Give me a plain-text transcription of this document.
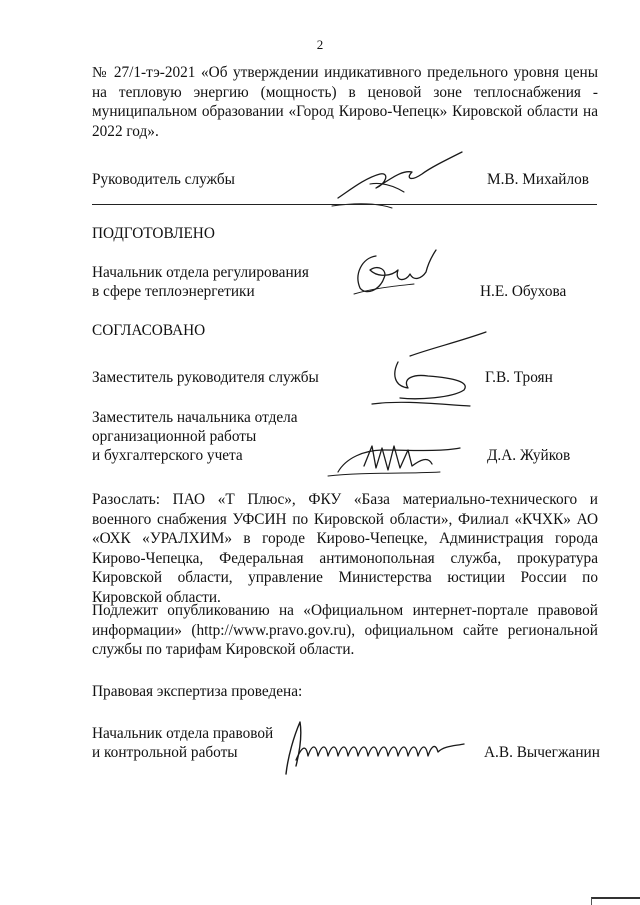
2
№ 27/1-тэ-2021 «Об утверждении индикативного предельного уровня цены на тепловую энергию (мощность) в ценовой зоне теплоснабжения - муниципальном образовании «Город Кирово-Чепецк» Кировской области на 2022 год».
Руководитель службы	М.В. Михайлов
ПОДГОТОВЛЕНО
Начальник отдела регулирования
в сфере теплоэнергетики	Н.Е. Обухова
СОГЛАСОВАНО
Заместитель руководителя службы	Г.В. Троян
Заместитель начальника отдела
организационной работы
и бухгалтерского учета	Д.А. Жуйков
Разослать: ПАО «Т Плюс», ФКУ «База материально-технического и военного снабжения УФСИН по Кировской области», Филиал «КЧХК» АО «ОХК «УРАЛХИМ» в городе Кирово-Чепецке, Администрация города Кирово-Чепецка, Федеральная антимонопольная служба, прокуратура Кировской области, управление Министерства юстиции России по Кировской области.
Подлежит опубликованию на «Официальном интернет-портале правовой информации» (http://www.pravo.gov.ru), официальном сайте региональной службы по тарифам Кировской области.
Правовая экспертиза проведена:
Начальник отдела правовой
и контрольной работы	А.В. Вычегжанин
